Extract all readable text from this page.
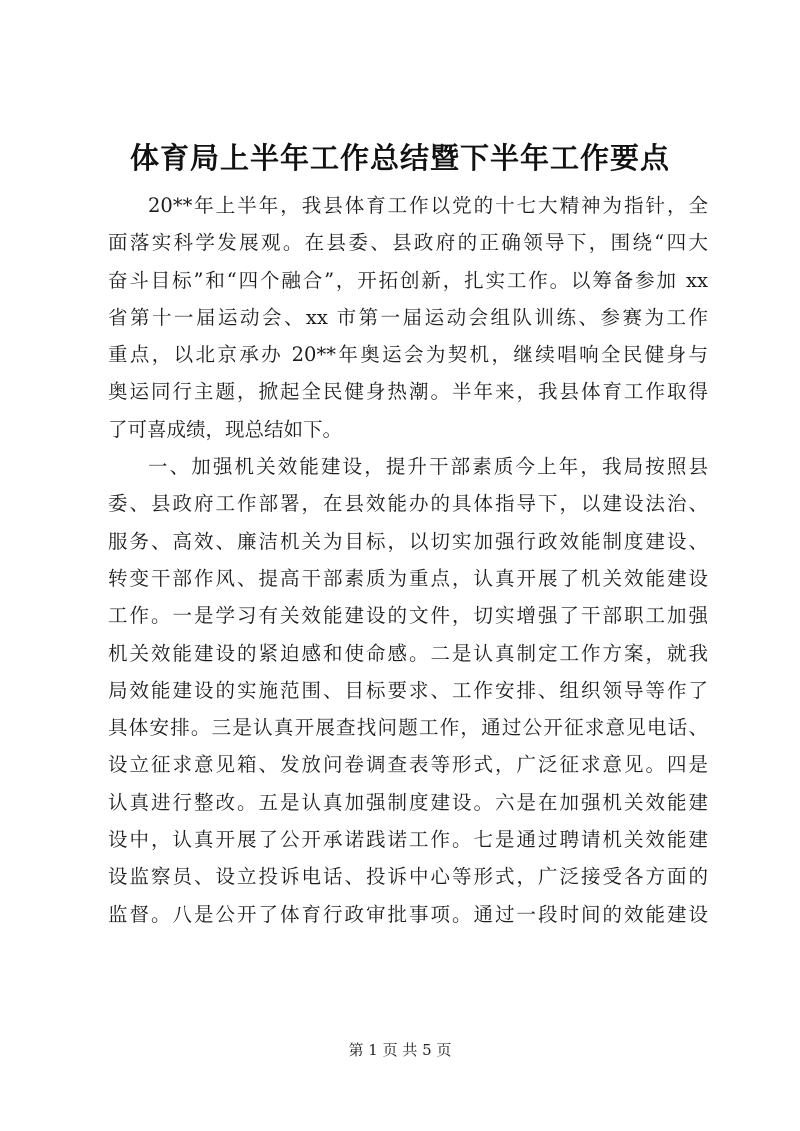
体育局上半年工作总结暨下半年工作要点
20**年上半年，我县体育工作以党的十七大精神为指针，全
面落实科学发展观。在县委、县政府的正确领导下，围绕“四大
奋斗目标”和“四个融合”，开拓创新，扎实工作。以筹备参加 xx
省第十一届运动会、xx 市第一届运动会组队训练、参赛为工作
重点，以北京承办 20**年奥运会为契机，继续唱响全民健身与
奥运同行主题，掀起全民健身热潮。半年来，我县体育工作取得
了可喜成绩，现总结如下。
一、加强机关效能建设，提升干部素质今上年，我局按照县
委、县政府工作部署，在县效能办的具体指导下，以建设法治、
服务、高效、廉洁机关为目标，以切实加强行政效能制度建设、
转变干部作风、提高干部素质为重点，认真开展了机关效能建设
工作。一是学习有关效能建设的文件，切实增强了干部职工加强
机关效能建设的紧迫感和使命感。二是认真制定工作方案，就我
局效能建设的实施范围、目标要求、工作安排、组织领导等作了
具体安排。三是认真开展查找问题工作，通过公开征求意见电话、
设立征求意见箱、发放问卷调查表等形式，广泛征求意见。四是
认真进行整改。五是认真加强制度建设。六是在加强机关效能建
设中，认真开展了公开承诺践诺工作。七是通过聘请机关效能建
设监察员、设立投诉电话、投诉中心等形式，广泛接受各方面的
监督。八是公开了体育行政审批事项。通过一段时间的效能建设
第 1 页 共 5 页
